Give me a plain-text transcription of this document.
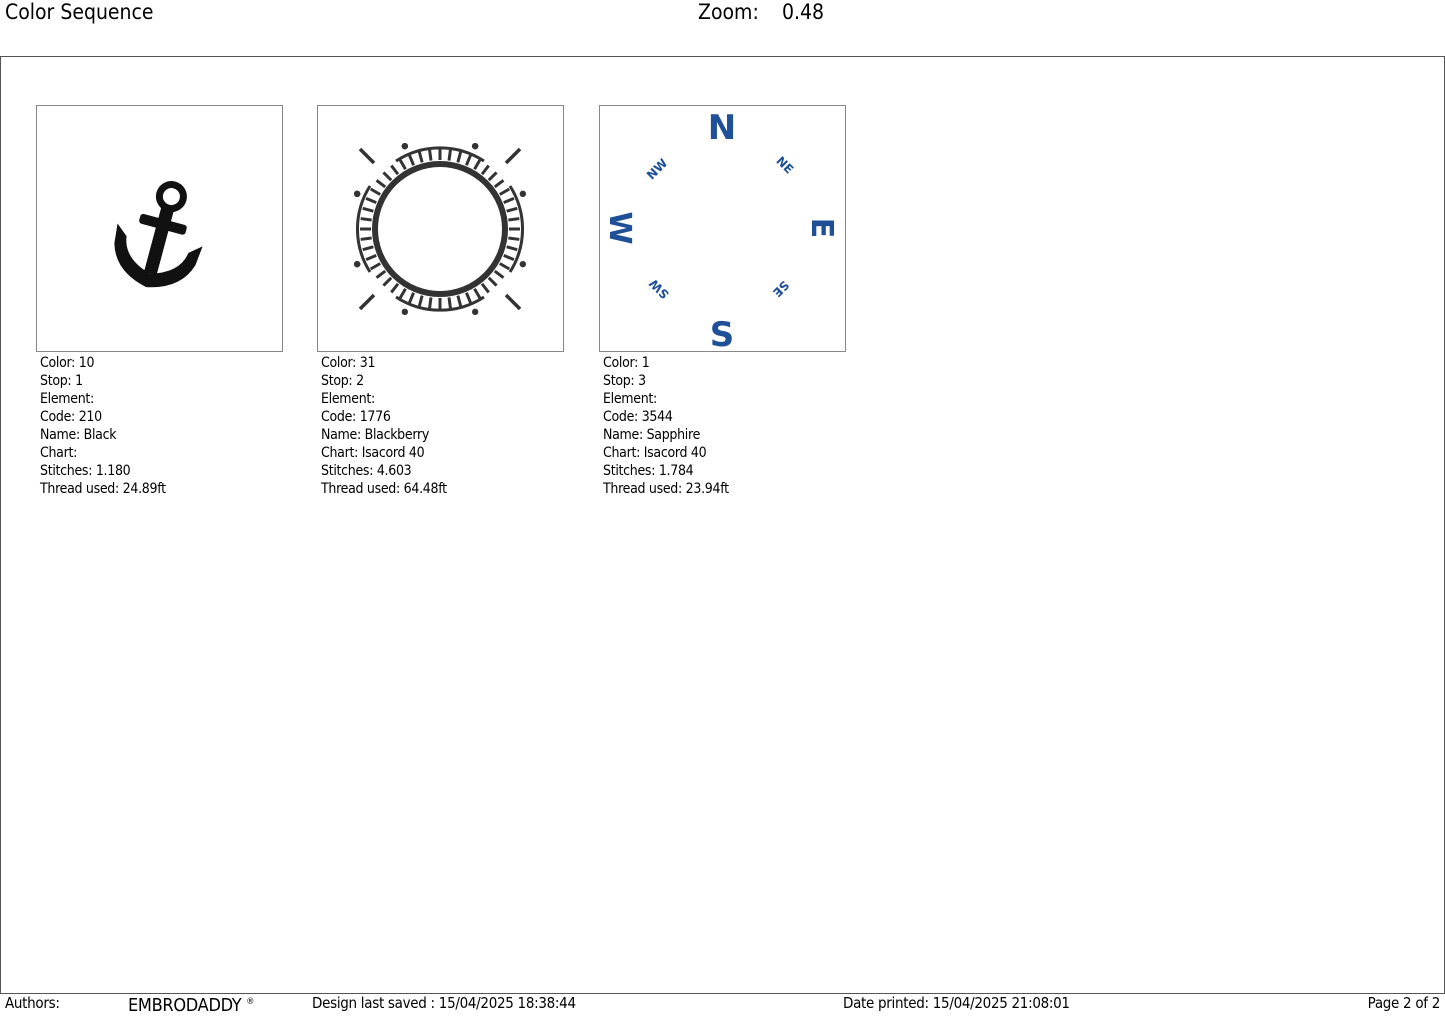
Color Sequence	Zoom: 0.48
Color: 10
Stop: 1
Element:
Code: 210
Name: Black
Chart:
Stitches: 1.180
Thread used: 24.89ft
Color: 31
Stop: 2
Element:
Code: 1776
Name: Blackberry
Chart: Isacord 40
Stitches: 4.603
Thread used: 64.48ft
N
S
E
W
NW	NE
SE
SW
Color: 1
Stop: 3
Element:
Code: 3544
Name: Sapphire
Chart: Isacord 40
Stitches: 1.784
Thread used: 23.94ft
Authors:	EMBRODADDY ®	Design last saved : 15/04/2025 18:38:44	Date printed: 15/04/2025 21:08:01	Page 2 of 2
